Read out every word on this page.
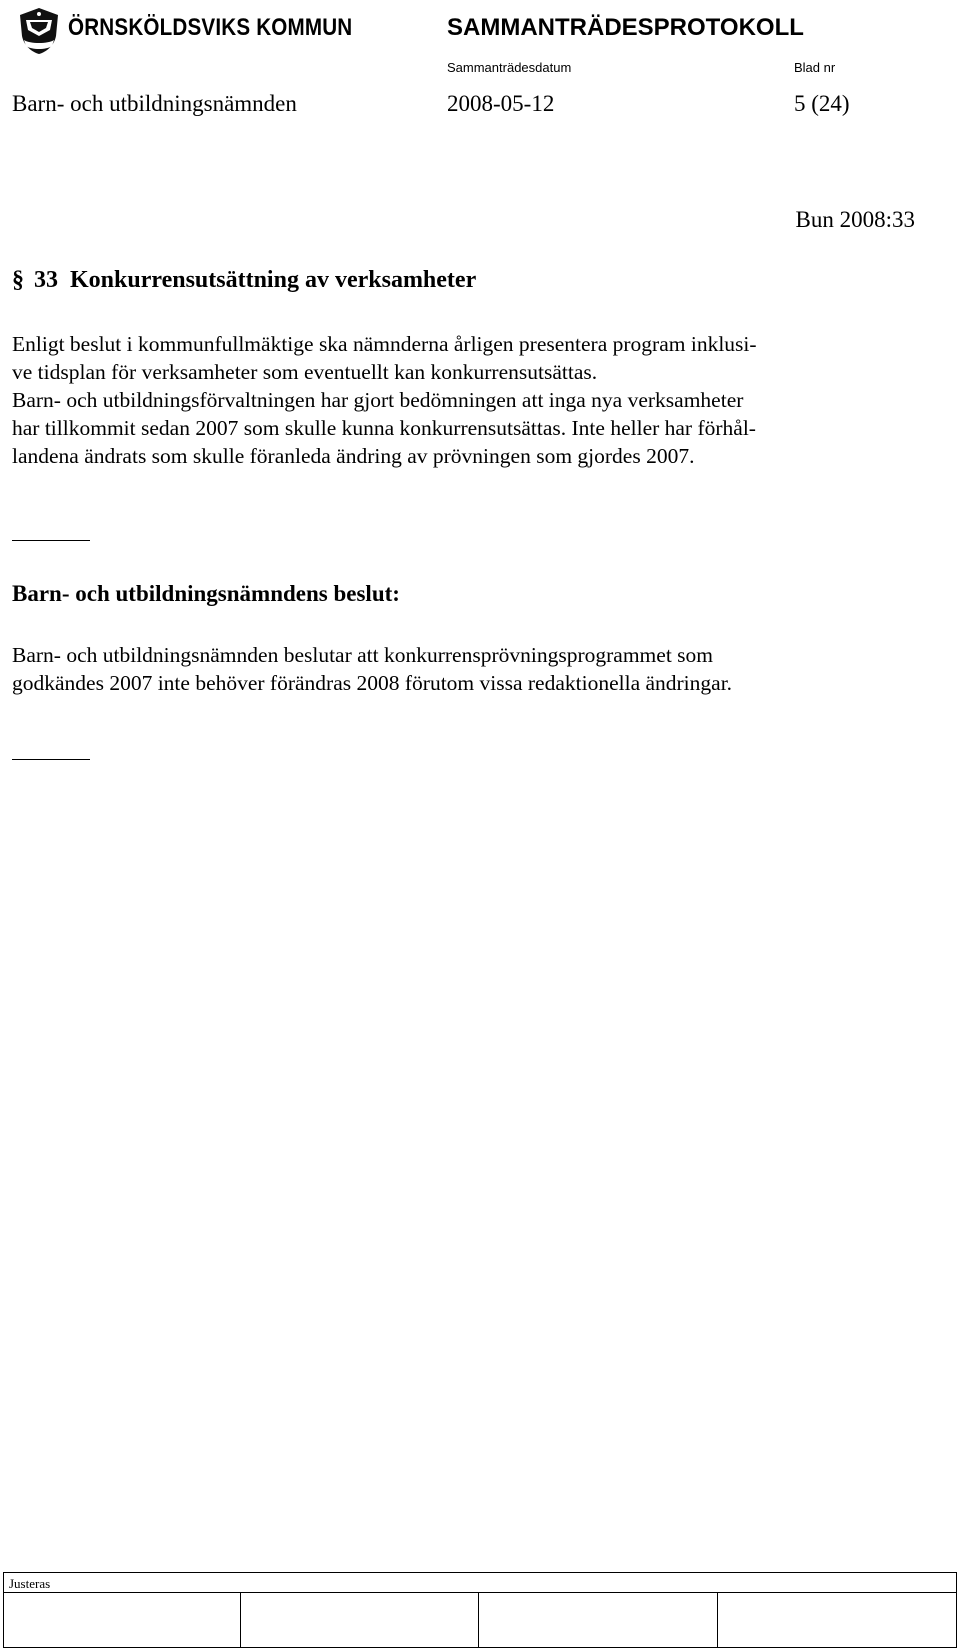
ÖRNSKÖLDSVIKS KOMMUN	SAMMANTRÄDESPROTOKOLL
Sammanträdesdatum	Blad nr
Barn- och utbildningsnämnden	2008-05-12	5 (24)
Bun 2008:33
§ 33 Konkurrensutsättning av verksamheter

Enligt beslut i kommunfullmäktige ska nämnderna årligen presentera program inklusi-

ve tidsplan för verksamheter som eventuellt kan konkurrensutsättas.

Barn- och utbildningsförvaltningen har gjort bedömningen att inga nya verksamheter

har tillkommit sedan 2007 som skulle kunna konkurrensutsättas. Inte heller har förhål-

landena ändrats som skulle föranleda ändring av prövningen som gjordes 2007.

Barn- och utbildningsnämndens beslut:

Barn- och utbildningsnämnden beslutar att konkurrensprövningsprogrammet som

godkändes 2007 inte behöver förändras 2008 förutom vissa redaktionella ändringar.

Justeras
